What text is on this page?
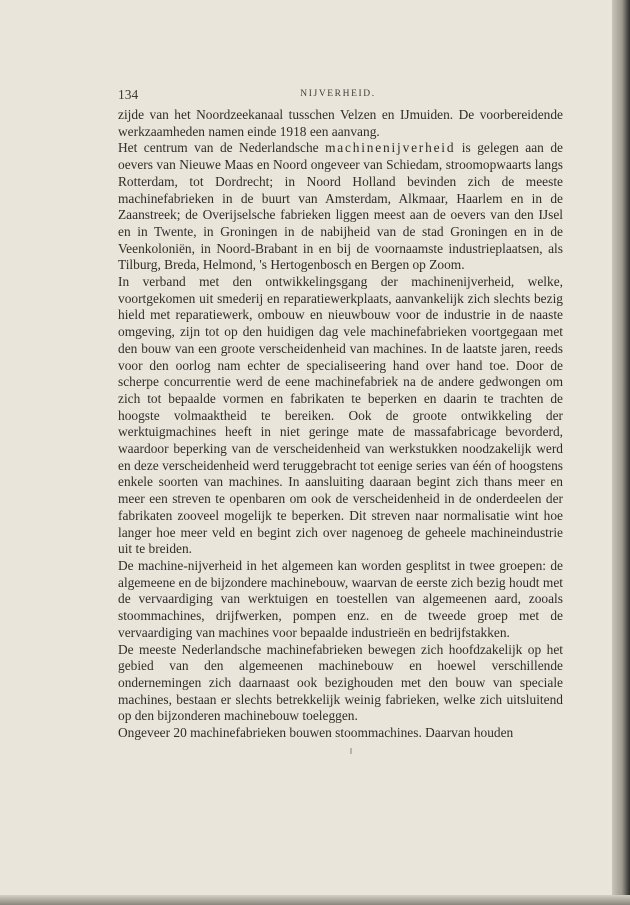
134	NIJVERHEID.

zijde van het Noordzeekanaal tusschen Velzen en IJmuiden. De voorbereidende werkzaamheden namen einde 1918 een aanvang.

Het centrum van de Nederlandsche machinenijverheid is gelegen aan de oevers van Nieuwe Maas en Noord ongeveer van Schiedam, stroomopwaarts langs Rotterdam, tot Dordrecht; in Noord Holland bevinden zich de meeste machinefabrieken in de buurt van Amsterdam, Alkmaar, Haarlem en in de Zaanstreek; de Overijselsche fabrieken liggen meest aan de oevers van den IJsel en in Twente, in Groningen in de nabijheid van de stad Groningen en in de Veenkoloniën, in Noord-Brabant in en bij de voornaamste industrieplaatsen, als Tilburg, Breda, Helmond, 's Hertogenbosch en Bergen op Zoom.

In verband met den ontwikkelingsgang der machinenijverheid, welke, voortgekomen uit smederij en reparatiewerkplaats, aanvankelijk zich slechts bezig hield met reparatiewerk, ombouw en nieuwbouw voor de industrie in de naaste omgeving, zijn tot op den huidigen dag vele machinefabrieken voortgegaan met den bouw van een groote verscheidenheid van machines. In de laatste jaren, reeds voor den oorlog nam echter de specialiseering hand over hand toe. Door de scherpe concurrentie werd de eene machinefabriek na de andere gedwongen om zich tot bepaalde vormen en fabrikaten te beperken en daarin te trachten de hoogste volmaaktheid te bereiken. Ook de groote ontwikkeling der werktuigmachines heeft in niet geringe mate de massafabricage bevorderd, waardoor beperking van de verscheidenheid van werkstukken noodzakelijk werd en deze verscheidenheid werd teruggebracht tot eenige series van één of hoogstens enkele soorten van machines. In aansluiting daaraan begint zich thans meer en meer een streven te openbaren om ook de verscheidenheid in de onderdeelen der fabrikaten zooveel mogelijk te beperken. Dit streven naar normalisatie wint hoe langer hoe meer veld en begint zich over nagenoeg de geheele machineindustrie uit te breiden.

De machine-nijverheid in het algemeen kan worden gesplitst in twee groepen: de algemeene en de bijzondere machinebouw, waarvan de eerste zich bezig houdt met de vervaardiging van werktuigen en toestellen van algemeenen aard, zooals stoommachines, drijfwerken, pompen enz. en de tweede groep met de vervaardiging van machines voor bepaalde industrieën en bedrijfstakken.

De meeste Nederlandsche machinefabrieken bewegen zich hoofdzakelijk op het gebied van den algemeenen machinebouw en hoewel verschillende ondernemingen zich daarnaast ook bezighouden met den bouw van speciale machines, bestaan er slechts betrekkelijk weinig fabrieken, welke zich uitsluitend op den bijzonderen machinebouw toeleggen.

Ongeveer 20 machinefabrieken bouwen stoommachines. Daarvan houden
